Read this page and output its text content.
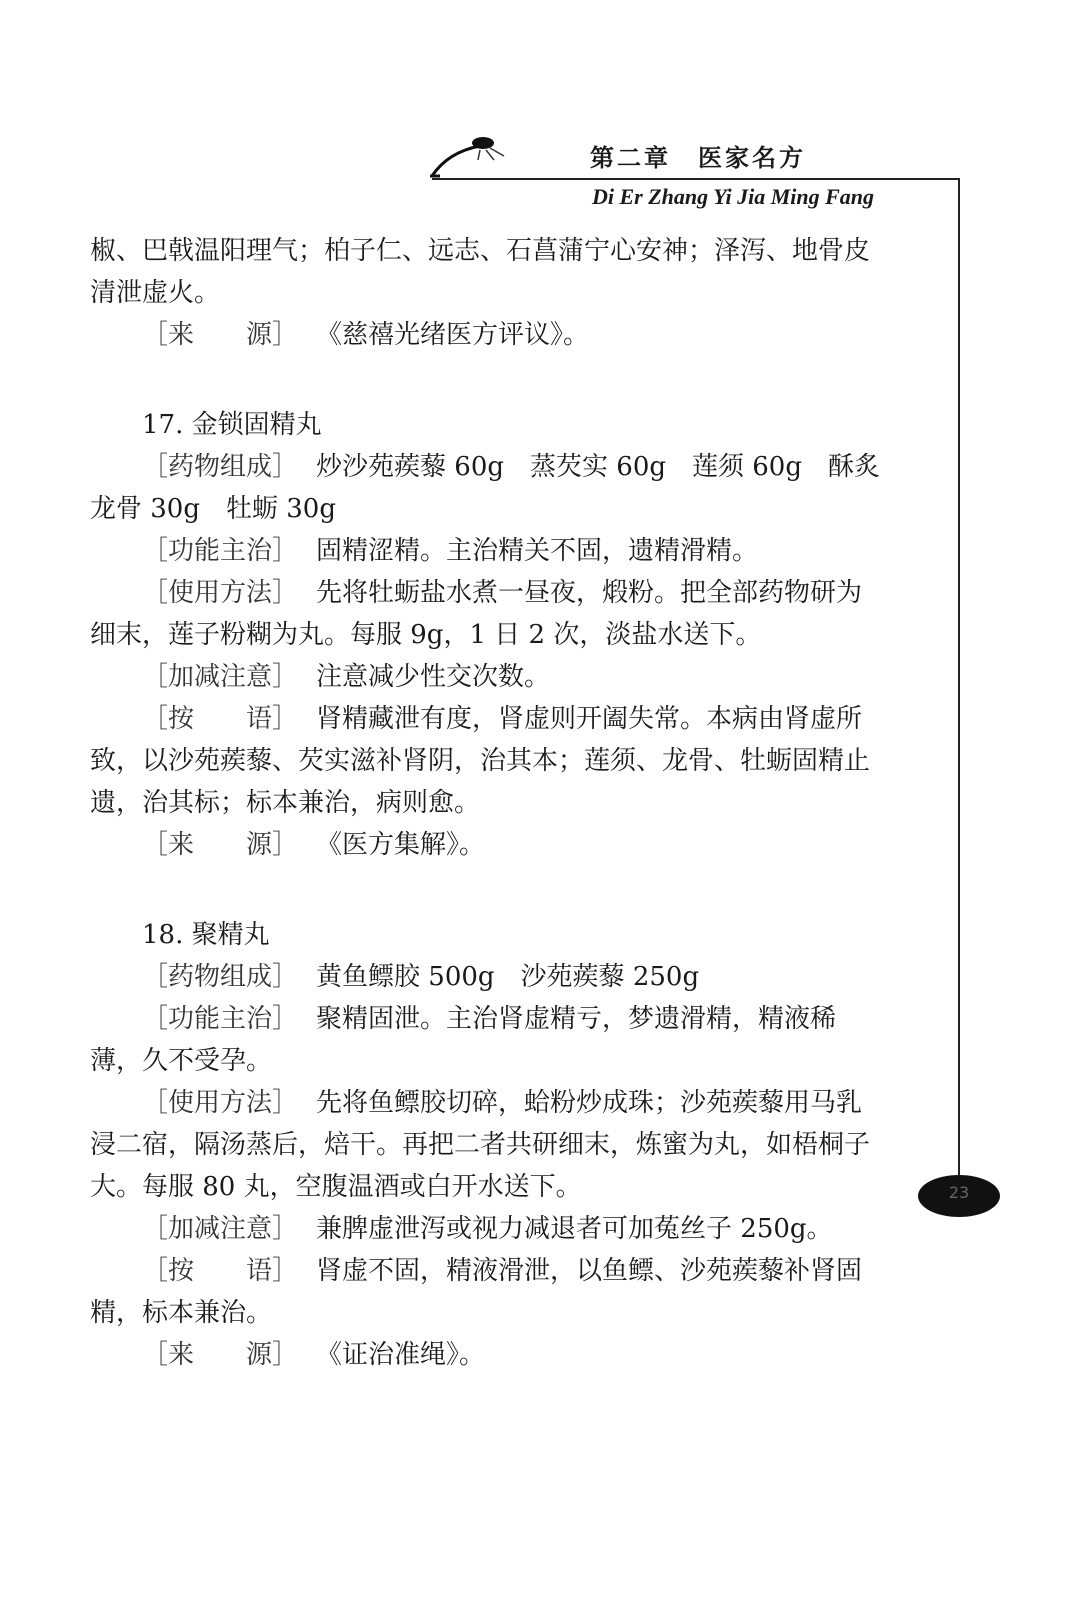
第二章　医家名方
Di Er Zhang Yi Jia Ming Fang
23

椒、巴戟温阳理气；柏子仁、远志、石菖蒲宁心安神；泽泻、地骨皮清泄虚火。

［来　　源］ 《慈禧光绪医方评议》。

17. 金锁固精丸

［药物组成］ 炒沙苑蒺藜 60g　蒸芡实 60g　莲须 60g　酥炙龙骨 30g　牡蛎 30g

［功能主治］ 固精涩精。主治精关不固，遗精滑精。

［使用方法］ 先将牡蛎盐水煮一昼夜，煅粉。把全部药物研为细末，莲子粉糊为丸。每服 9g，1 日 2 次，淡盐水送下。

［加减注意］ 注意减少性交次数。

［按　　语］ 肾精藏泄有度，肾虚则开阖失常。本病由肾虚所致，以沙苑蒺藜、芡实滋补肾阴，治其本；莲须、龙骨、牡蛎固精止遗，治其标；标本兼治，病则愈。

［来　　源］ 《医方集解》。

18. 聚精丸

［药物组成］ 黄鱼鳔胶 500g　沙苑蒺藜 250g

［功能主治］ 聚精固泄。主治肾虚精亏，梦遗滑精，精液稀薄，久不受孕。

［使用方法］ 先将鱼鳔胶切碎，蛤粉炒成珠；沙苑蒺藜用马乳浸二宿，隔汤蒸后，焙干。再把二者共研细末，炼蜜为丸，如梧桐子大。每服 80 丸，空腹温酒或白开水送下。

［加减注意］ 兼脾虚泄泻或视力减退者可加菟丝子 250g。

［按　　语］ 肾虚不固，精液滑泄，以鱼鳔、沙苑蒺藜补肾固精，标本兼治。

［来　　源］ 《证治准绳》。
